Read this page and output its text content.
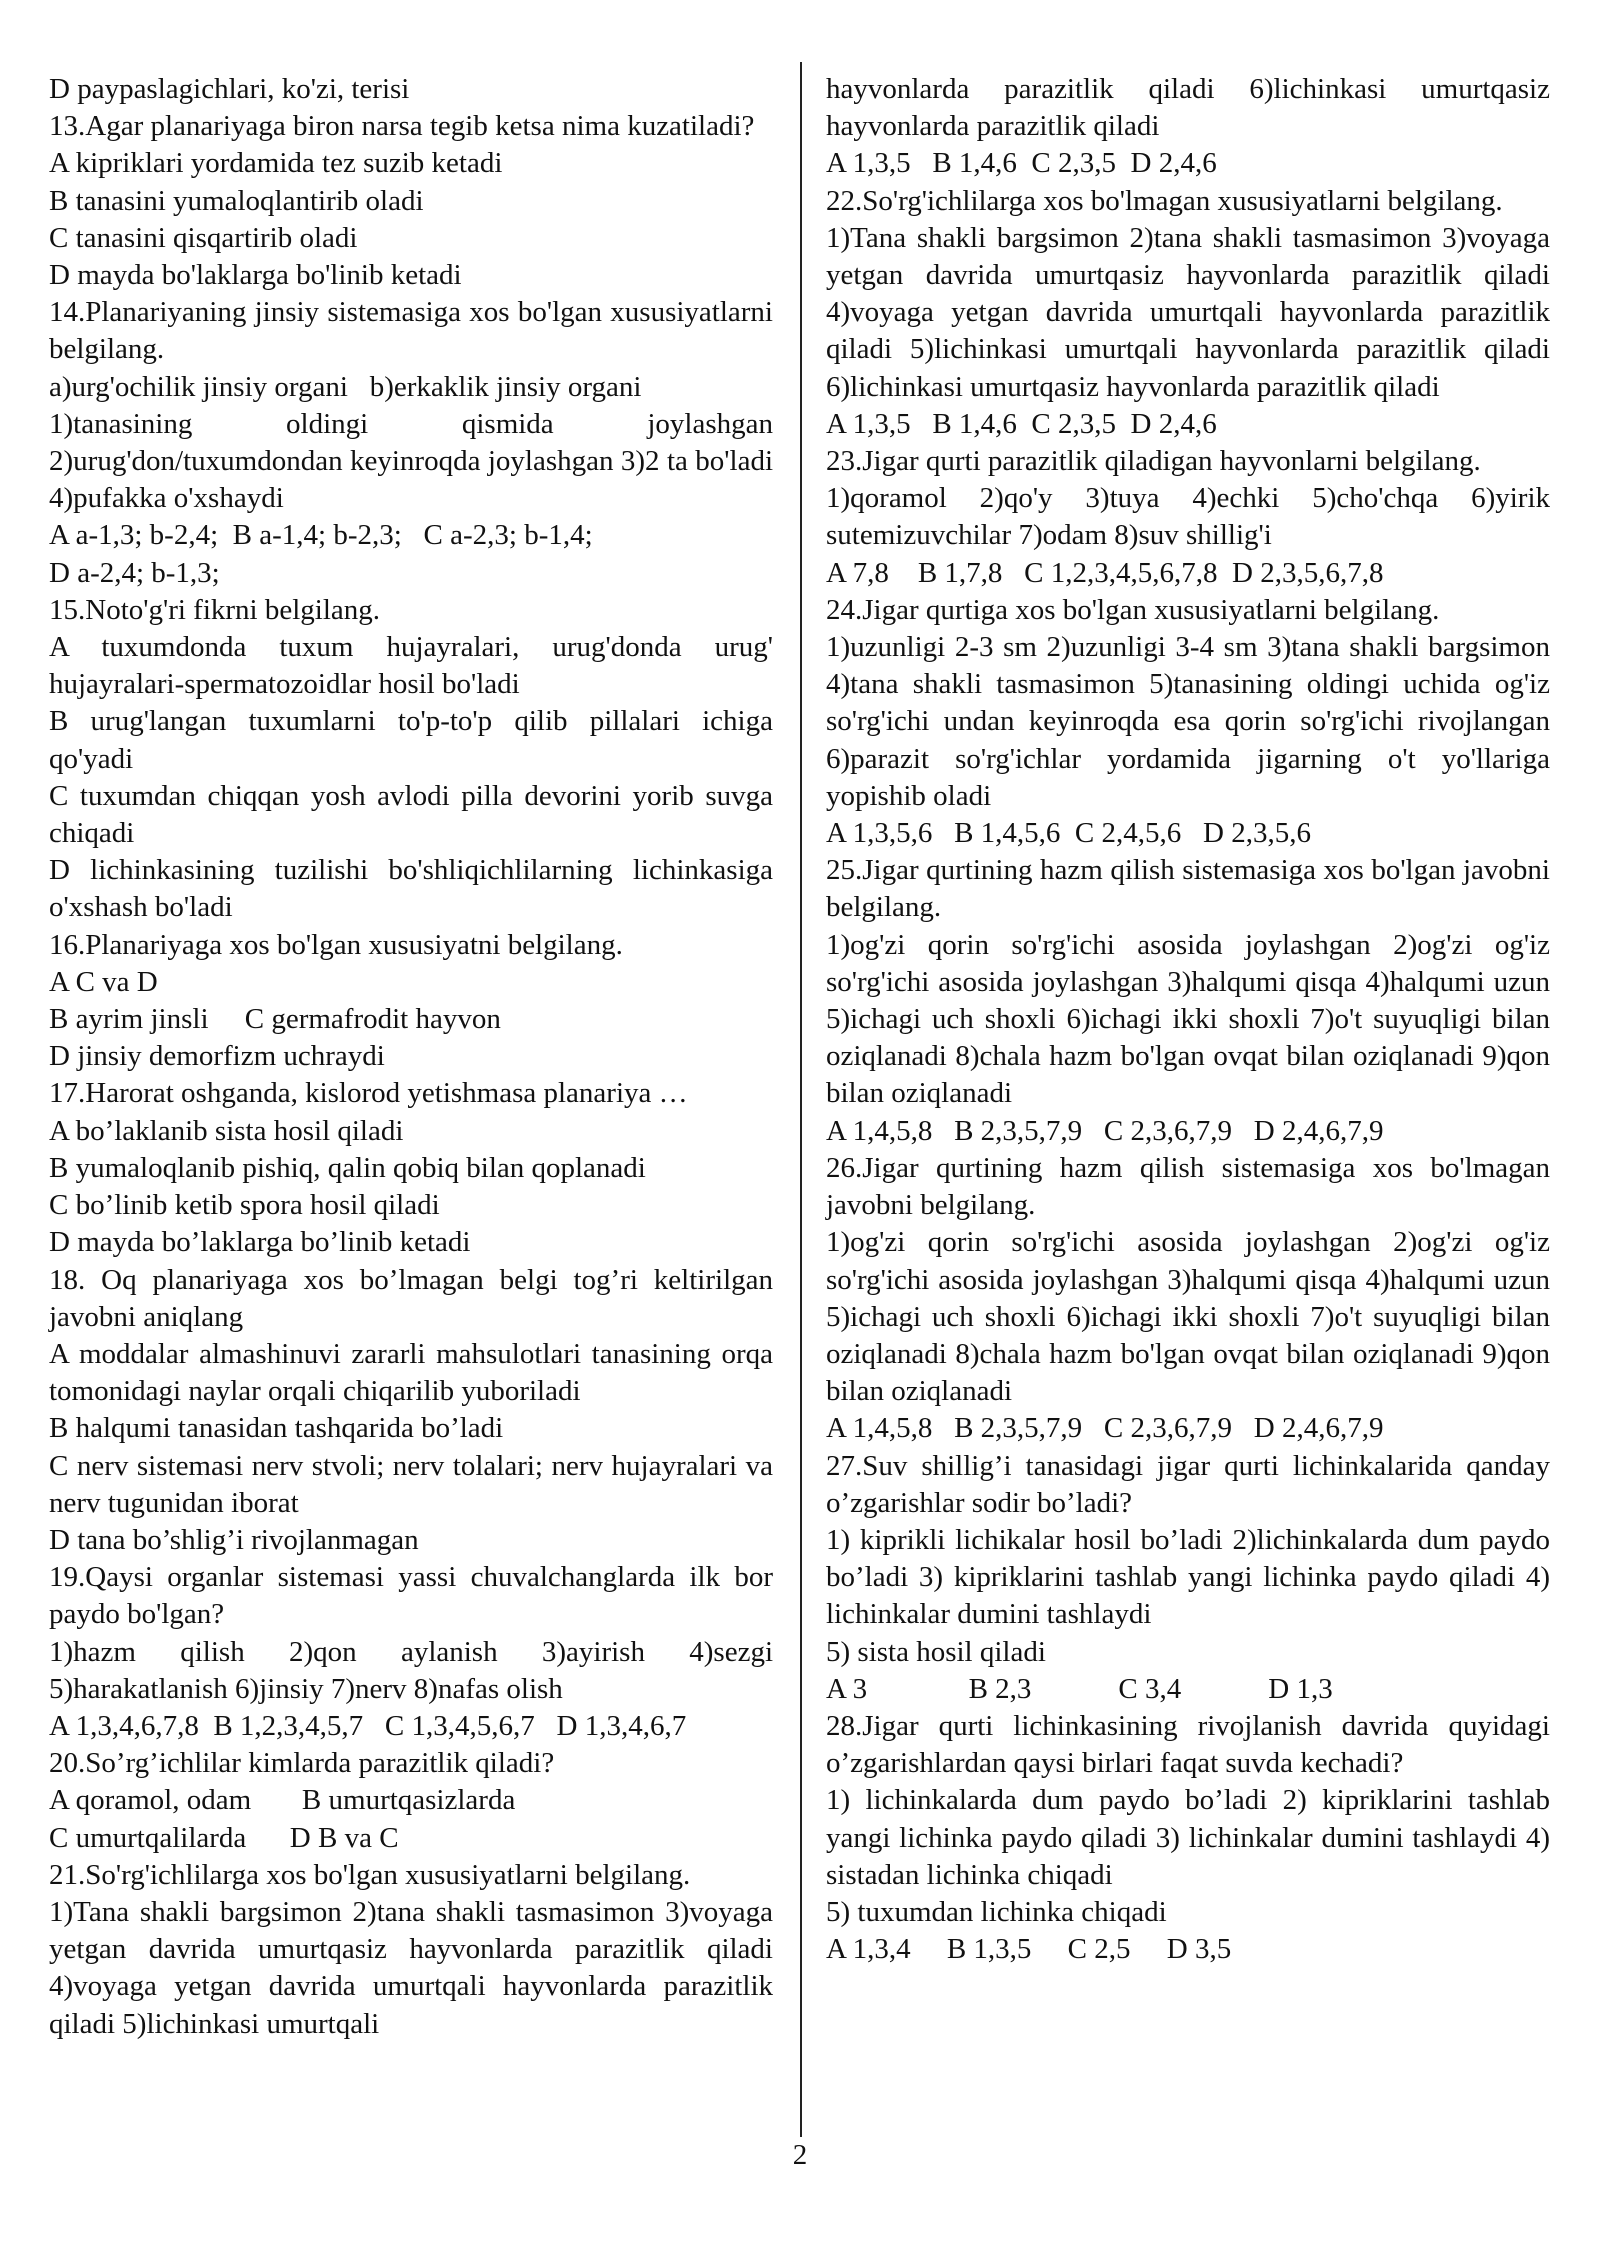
D paypaslagichlari, ko'zi, terisi
13.Agar planariyaga biron narsa tegib ketsa nima kuzatiladi?
A kipriklari yordamida tez suzib ketadi
B tanasini yumaloqlantirib oladi
C tanasini qisqartirib oladi
D mayda bo'laklarga bo'linib ketadi
14.Planariyaning jinsiy sistemasiga xos bo'lgan xususiyatlarni belgilang.
a)urg'ochilik jinsiy organi   b)erkaklik jinsiy organi
1)tanasining oldingi qismida joylashgan 2)urug'don/tuxumdondan keyinroqda joylashgan 3)2 ta bo'ladi 4)pufakka o'xshaydi
A a-1,3; b-2,4;  B a-1,4; b-2,3;   C a-2,3; b-1,4;
D a-2,4; b-1,3;
15.Noto'g'ri fikrni belgilang.
A tuxumdonda tuxum hujayralari, urug'donda urug' hujayralari-spermatozoidlar hosil bo'ladi
B urug'langan tuxumlarni to'p-to'p qilib pillalari ichiga qo'yadi
C tuxumdan chiqqan yosh avlodi pilla devorini yorib suvga chiqadi
D lichinkasining tuzilishi bo'shliqichlilarning lichinkasiga o'xshash bo'ladi
16.Planariyaga xos bo'lgan xususiyatni belgilang.
A C va D
B ayrim jinsli     C germafrodit hayvon
D jinsiy demorfizm uchraydi
17.Harorat oshganda, kislorod yetishmasa planariya …
A bo’laklanib sista hosil qiladi
B yumaloqlanib pishiq, qalin qobiq bilan qoplanadi
C bo’linib ketib spora hosil qiladi
D mayda bo’laklarga bo’linib ketadi
18. Oq planariyaga xos bo’lmagan belgi tog’ri keltirilgan javobni aniqlang
A moddalar almashinuvi zararli mahsulotlari tanasining orqa tomonidagi naylar orqali chiqarilib yuboriladi
B halqumi tanasidan tashqarida bo’ladi
C nerv sistemasi nerv stvoli; nerv tolalari; nerv hujayralari va nerv tugunidan iborat
D tana bo’shlig’i rivojlanmagan
19.Qaysi organlar sistemasi yassi chuvalchanglarda ilk bor paydo bo'lgan?
1)hazm qilish 2)qon aylanish 3)ayirish 4)sezgi 5)harakatlanish 6)jinsiy 7)nerv 8)nafas olish
A 1,3,4,6,7,8  B 1,2,3,4,5,7   C 1,3,4,5,6,7   D 1,3,4,6,7
20.So’rg’ichlilar kimlarda parazitlik qiladi?
A qoramol, odam       B umurtqasizlarda
C umurtqalilarda      D B va C
21.So'rg'ichlilarga xos bo'lgan xususiyatlarni belgilang.
1)Tana shakli bargsimon 2)tana shakli tasmasimon 3)voyaga yetgan davrida umurtqasiz hayvonlarda parazitlik qiladi 4)voyaga yetgan davrida umurtqali hayvonlarda parazitlik qiladi 5)lichinkasi umurtqali
hayvonlarda parazitlik qiladi 6)lichinkasi umurtqasiz hayvonlarda parazitlik qiladi
A 1,3,5   B 1,4,6  C 2,3,5  D 2,4,6
22.So'rg'ichlilarga xos bo'lmagan xususiyatlarni belgilang.
1)Tana shakli bargsimon 2)tana shakli tasmasimon 3)voyaga yetgan davrida umurtqasiz hayvonlarda parazitlik qiladi 4)voyaga yetgan davrida umurtqali hayvonlarda parazitlik qiladi 5)lichinkasi umurtqali hayvonlarda parazitlik qiladi 6)lichinkasi umurtqasiz hayvonlarda parazitlik qiladi
A 1,3,5   B 1,4,6  C 2,3,5  D 2,4,6
23.Jigar qurti parazitlik qiladigan hayvonlarni belgilang.
1)qoramol 2)qo'y 3)tuya 4)echki 5)cho'chqa 6)yirik sutemizuvchilar 7)odam 8)suv shillig'i
A 7,8    B 1,7,8   C 1,2,3,4,5,6,7,8  D 2,3,5,6,7,8
24.Jigar qurtiga xos bo'lgan xususiyatlarni belgilang.
1)uzunligi 2-3 sm 2)uzunligi 3-4 sm 3)tana shakli bargsimon 4)tana shakli tasmasimon 5)tanasining oldingi uchida og'iz so'rg'ichi undan keyinroqda esa qorin so'rg'ichi rivojlangan 6)parazit so'rg'ichlar yordamida jigarning o't yo'llariga yopishib oladi
A 1,3,5,6   B 1,4,5,6  C 2,4,5,6   D 2,3,5,6
25.Jigar qurtining hazm qilish sistemasiga xos bo'lgan javobni belgilang.
1)og'zi qorin so'rg'ichi asosida joylashgan 2)og'zi og'iz so'rg'ichi asosida joylashgan 3)halqumi qisqa 4)halqumi uzun 5)ichagi uch shoxli 6)ichagi ikki shoxli 7)o't suyuqligi bilan oziqlanadi 8)chala hazm bo'lgan ovqat bilan oziqlanadi 9)qon bilan oziqlanadi
A 1,4,5,8   B 2,3,5,7,9   C 2,3,6,7,9   D 2,4,6,7,9
26.Jigar qurtining hazm qilish sistemasiga xos bo'lmagan javobni belgilang.
1)og'zi qorin so'rg'ichi asosida joylashgan 2)og'zi og'iz so'rg'ichi asosida joylashgan 3)halqumi qisqa 4)halqumi uzun 5)ichagi uch shoxli 6)ichagi ikki shoxli 7)o't suyuqligi bilan oziqlanadi 8)chala hazm bo'lgan ovqat bilan oziqlanadi 9)qon bilan oziqlanadi
A 1,4,5,8   B 2,3,5,7,9   C 2,3,6,7,9   D 2,4,6,7,9
27.Suv shillig’i tanasidagi jigar qurti lichinkalarida qanday o’zgarishlar sodir bo’ladi?
1) kiprikli lichikalar hosil bo’ladi 2)lichinkalarda dum paydo bo’ladi 3) kipriklarini tashlab yangi lichinka paydo qiladi 4) lichinkalar dumini tashlaydi
5) sista hosil qiladi
A 3              B 2,3            C 3,4            D 1,3
28.Jigar qurti lichinkasining rivojlanish davrida quyidagi o’zgarishlardan qaysi birlari faqat suvda kechadi?
1) lichinkalarda dum paydo bo’ladi 2) kipriklarini tashlab yangi lichinka paydo qiladi 3) lichinkalar dumini tashlaydi 4) sistadan lichinka chiqadi
5) tuxumdan lichinka chiqadi
A 1,3,4     B 1,3,5     C 2,5     D 3,5
2
